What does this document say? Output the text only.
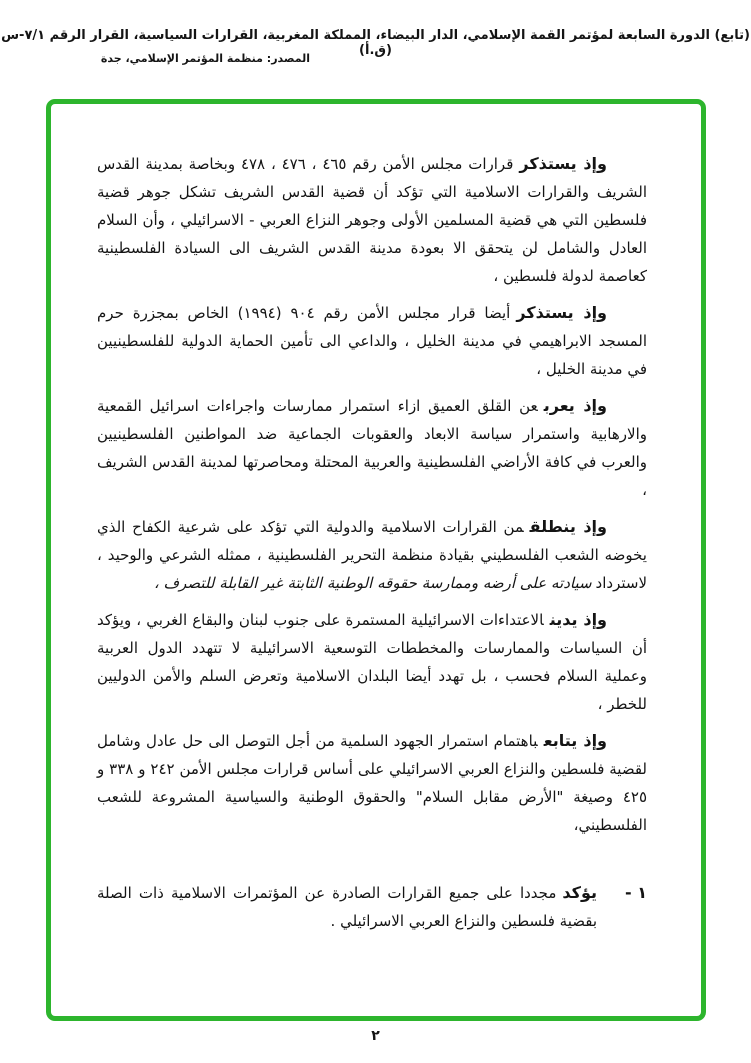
(تابع) الدورة السابعة لمؤتمر القمة الإسلامي، الدار البيضاء، المملكة المغربية، القرارات السياسية، القرار الرقم ٧/١-س (ق.أ)
المصدر: منظمة المؤتمر الإسلامي، جدة

وإذ يستذكرقرارات مجلس الأمن رقم ٤٦٥ ، ٤٧٦ ، ٤٧٨ وبخاصة بمدينة القدس الشريف والقرارات الاسلامية التي تؤكد أن قضية القدس الشريف تشكل جوهر قضية فلسطين التي هي قضية المسلمين الأولى وجوهر النزاع العربي - الاسرائيلي ، وأن السلام العادل والشامل لن يتحقق الا بعودة مدينة القدس الشريف الى السيادة الفلسطينية كعاصمة لدولة فلسطين ،

وإذ يستذكرأيضا قرار مجلس الأمن رقم ٩٠٤ (١٩٩٤) الخاص بمجزرة حرم المسجد الابراهيمي في مدينة الخليل ، والداعي الى تأمين الحماية الدولية للفلسطينيين في مدينة الخليل ،

وإذ يعربعن القلق العميق ازاء استمرار ممارسات واجراءات اسرائيل القمعية والارهابية واستمرار سياسة الابعاد والعقوبات الجماعية ضد المواطنين الفلسطينيين والعرب في كافة الأراضي الفلسطينية والعربية المحتلة ومحاصرتها لمدينة القدس الشريف ،

وإذ ينطلقمن القرارات الاسلامية والدولية التي تؤكد على شرعية الكفاح الذي يخوضه الشعب الفلسطيني بقيادة منظمة التحرير الفلسطينية ، ممثله الشرعي والوحيد ، لاستردادسيادته على أرضه وممارسة حقوقه الوطنية الثابتة غير القابلة للتصرف ،

وإذ يدينالاعتداءات الاسرائيلية المستمرة على جنوب لبنان والبقاع الغربي ، ويؤكد أن السياسات والممارسات والمخططات التوسعية الاسرائيلية لا تتهدد الدول العربية وعملية السلام فحسب ، بل تهدد أيضا البلدان الاسلامية وتعرض السلم والأمن الدوليين للخطر ،

وإذ يتابعباهتمام استمرار الجهود السلمية من أجل التوصل الى حل عادل وشامل لقضية فلسطين والنزاع العربي الاسرائيلي على أساس قرارات مجلس الأمن ٢٤٢ و ٣٣٨ و ٤٢٥ وصيغة "الأرض مقابل السلام" والحقوق الوطنية والسياسية المشروعة للشعب الفلسطيني،

١ -
يؤكدمجددا على جميع القرارات الصادرة عن المؤتمرات الاسلامية ذات الصلة بقضية فلسطين والنزاع العربي الاسرائيلي .
٢
